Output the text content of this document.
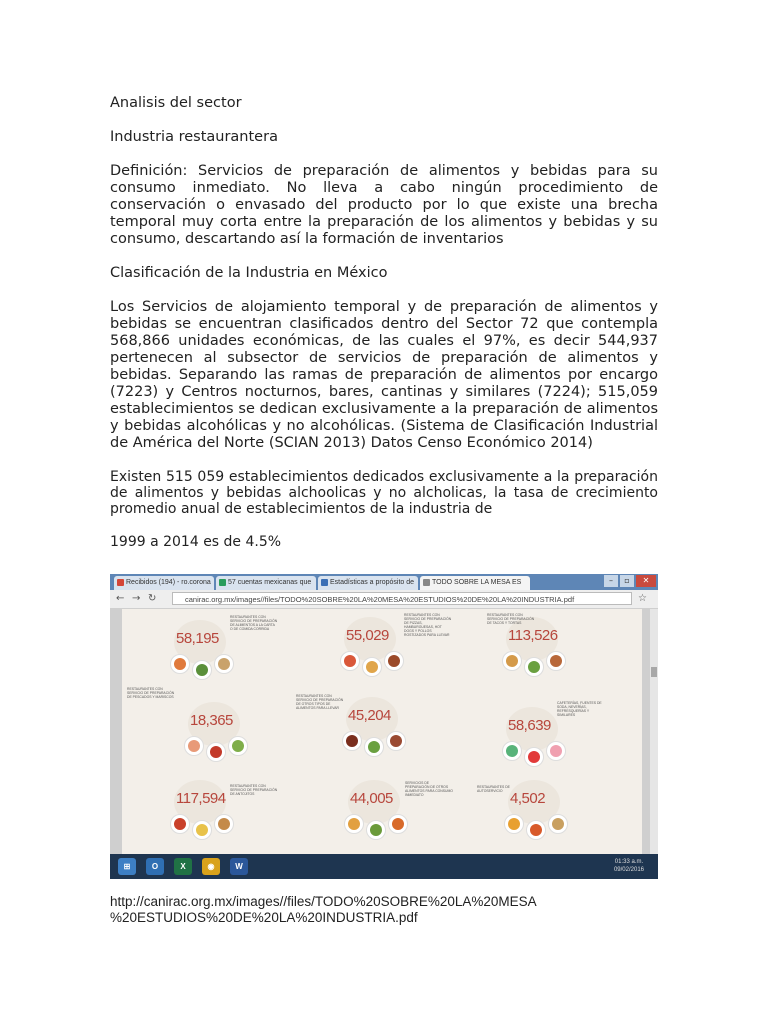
Analisis del sector

Industria restaurantera

Definición: Servicios de preparación de alimentos y bebidas para su consumo inmediato. No lleva a cabo ningún procedimiento de conservación o envasado del producto por lo que existe una brecha temporal muy corta entre la preparación de los alimentos y bebidas y su consumo, descartando así la formación de inventarios

Clasificación de la Industria en México

Los Servicios de alojamiento temporal y de preparación de alimentos y bebidas se encuentran clasificados dentro del Sector 72 que contempla 568,866 unidades económicas, de las cuales el 97%, es decir 544,937 pertenecen al subsector de servicios de preparación de alimentos y bebidas. Separando las ramas de preparación de alimentos por encargo (7223) y Centros nocturnos, bares, cantinas y similares (7224); 515,059 establecimientos se dedican exclusivamente a la preparación de alimentos y bebidas alcohólicas y no alcohólicas. (Sistema de Clasificación Industrial de América del Norte (SCIAN 2013) Datos Censo Económico 2014)

Existen 515 059 establecimientos dedicados exclusivamente a la preparación de alimentos y bebidas alchoolicas y no alcholicas, la tasa de crecimiento promedio anual de establecimientos de la industria de

1999 a 2014 es de 4.5%

Recibidos (194) - ro.corona	57 cuentas mexicanas que	Estadísticas a propósito de	TODO SOBRE LA MESA ES	–	▫	✕
← → ↻	canirac.org.mx/images//files/TODO%20SOBRE%20LA%20MESA%20ESTUDIOS%20DE%20LA%20INDUSTRIA.pdf	☆
58,195
RESTAURANTES CON SERVICIO DE PREPARACIÓN DE ALIMENTOS A LA CARTA O DE COMIDA CORRIDA	55,029
RESTAURANTES CON SERVICIO DE PREPARACIÓN DE PIZZAS, HAMBURGUESAS, HOT DOGS Y POLLOS ROSTIZADOS PARA LLEVAR	113,526
RESTAURANTES CON SERVICIO DE PREPARACIÓN DE TACOS Y TORTAS
18,365
RESTAURANTES CON SERVICIO DE PREPARACIÓN DE PESCADOS Y MARISCOS
45,204
RESTAURANTES CON SERVICIO DE PREPARACIÓN DE OTROS TIPOS DE ALIMENTOS PARA LLEVAR
58,639
CAFETERÍAS, FUENTES DE SODA, NEVERÍAS, REFRESQUERÍAS Y SIMILARES
117,594
RESTAURANTES CON SERVICIO DE PREPARACIÓN DE ANTOJITOS	44,005
SERVICIOS DE PREPARACIÓN DE OTROS ALIMENTOS PARA CONSUMO INMEDIATO	4,502
RESTAURANTES DE AUTOSERVICIO
01:33 a.m.
09/02/2016
⊞	O	X	◉	W
http://canirac.org.mx/images//files/TODO%20SOBRE%20LA%20MESA
%20ESTUDIOS%20DE%20LA%20INDUSTRIA.pdf
